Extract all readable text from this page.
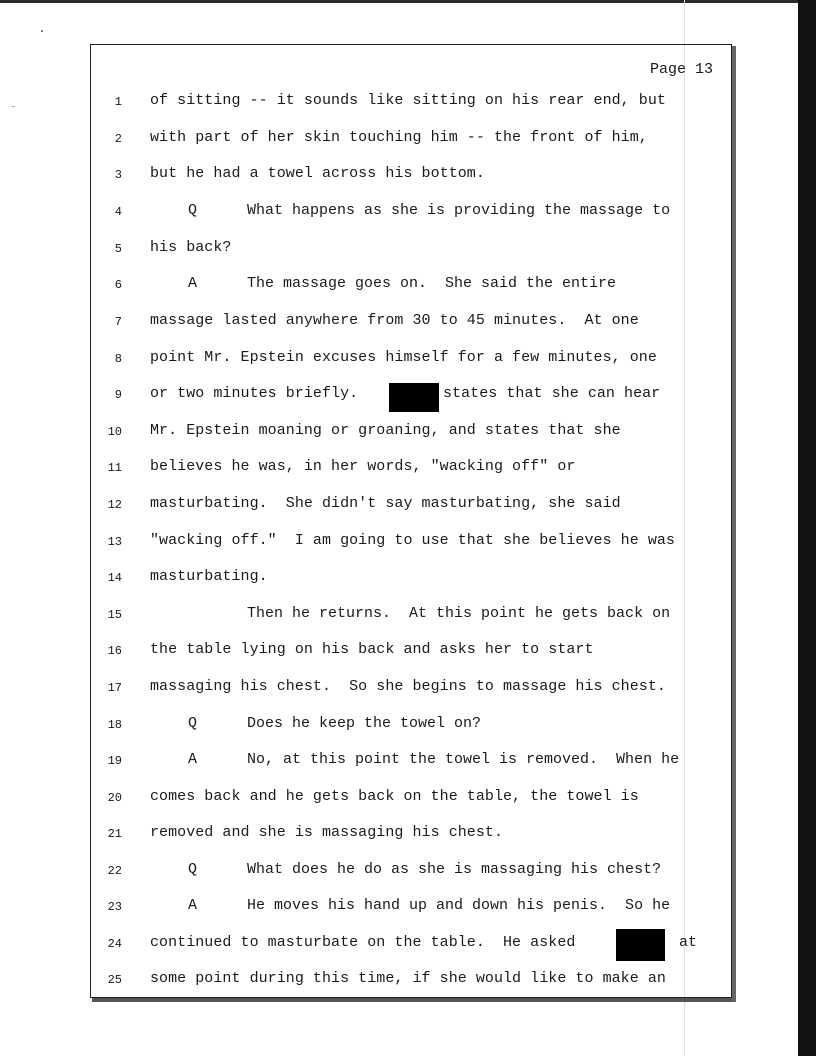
Page 13
1 of sitting -- it sounds like sitting on his rear end, but
2 with part of her skin touching him -- the front of him,
3 but he had a towel across his bottom.
4	Q	What happens as she is providing the massage to
5 his back?
6	A	The massage goes on.  She said the entire
7 massage lasted anywhere from 30 to 45 minutes.  At one
8 point Mr. Epstein excuses himself for a few minutes, one
9 or two minutes briefly.	states that she can hear
10 Mr. Epstein moaning or groaning, and states that she
11 believes he was, in her words, "wacking off" or
12 masturbating.  She didn't say masturbating, she said
13 "wacking off."  I am going to use that she believes he was
14 masturbating.
15	Then he returns.  At this point he gets back on
16 the table lying on his back and asks her to start
17 massaging his chest.  So she begins to massage his chest.
18	Q	Does he keep the towel on?
19	A	No, at this point the towel is removed.  When he
20 comes back and he gets back on the table, the towel is
21 removed and she is massaging his chest.
22	Q	What does he do as she is massaging his chest?
23	A	He moves his hand up and down his penis.  So he
24 continued to masturbate on the table.  He asked	at
25 some point during this time, if she would like to make an
